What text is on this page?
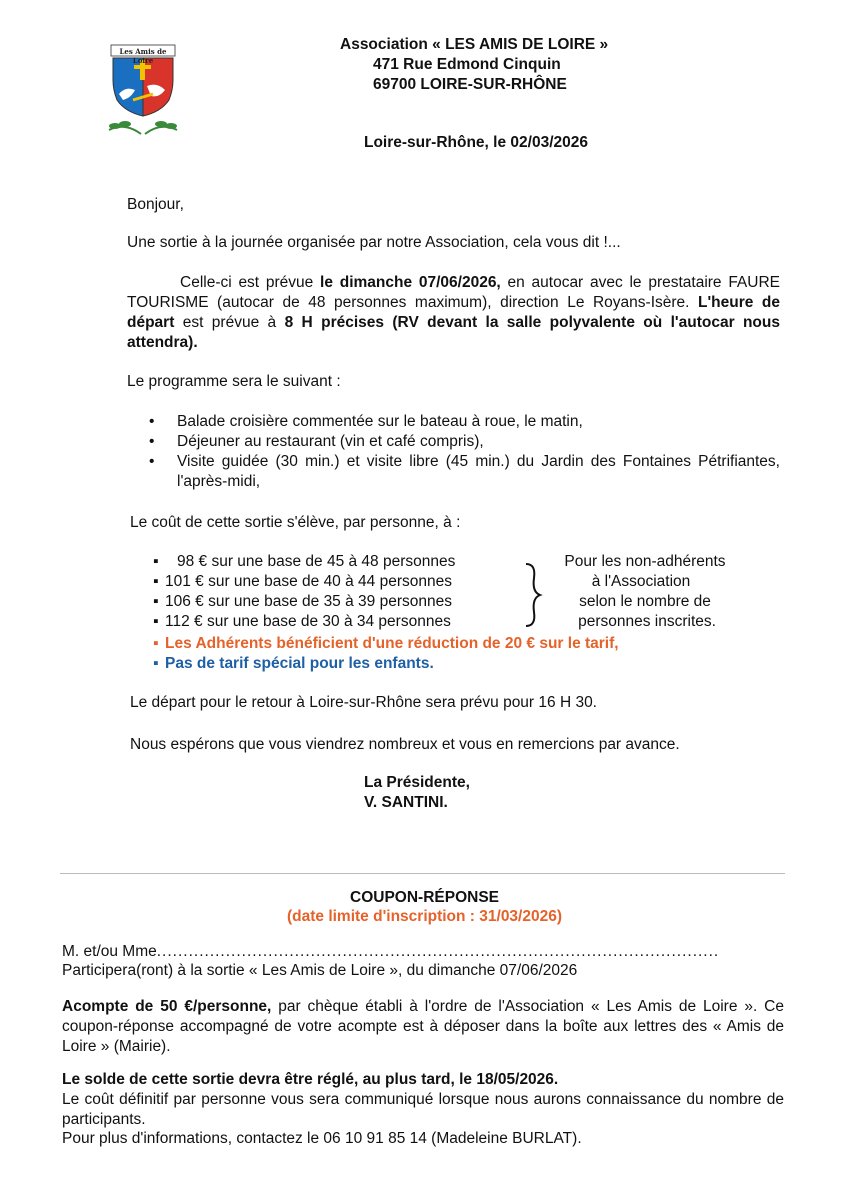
Les Amis de Loire
Association « LES AMIS DE LOIRE »
471 Rue Edmond Cinquin
69700 LOIRE-SUR-RHÔNE
Loire-sur-Rhône, le 02/03/2026
Bonjour,
Une sortie à la journée organisée par notre Association, cela vous dit !...
Celle-ci est prévue le dimanche 07/06/2026, en autocar avec le prestataire FAURE TOURISME (autocar de 48 personnes maximum), direction Le Royans-Isère. L'heure de départ est prévue à 8 H précises (RV devant la salle polyvalente où l'autocar nous attendra).
Le programme sera le suivant :
• Balade croisière commentée sur le bateau à roue, le matin,
• Déjeuner au restaurant (vin et café compris),
• Visite guidée (30 min.) et visite libre (45 min.) du Jardin des Fontaines Pétrifiantes, l'après-midi,
Le coût de cette sortie s'élève, par personne, à :
▪ 98 € sur une base de 45 à 48 personnes
▪ 101 € sur une base de 40 à 44 personnes
▪ 106 € sur une base de 35 à 39 personnes
▪ 112 € sur une base de 30 à 34 personnes
Pour les non-adhérents
à l'Association
selon le nombre de
personnes inscrites.
▪ Les Adhérents bénéficient d'une réduction de 20 € sur le tarif,
▪ Pas de tarif spécial pour les enfants.
Le départ pour le retour à Loire-sur-Rhône sera prévu pour 16 H 30.
Nous espérons que vous viendrez nombreux et vous en remercions par avance.
La Présidente,
V. SANTINI.
COUPON-RÉPONSE
(date limite d'inscription : 31/03/2026)
M. et/ou Mme..........................................................................................................
Participera(ront) à la sortie « Les Amis de Loire », du dimanche 07/06/2026
Acompte de 50 €/personne, par chèque établi à l'ordre de l'Association « Les Amis de Loire ». Ce coupon-réponse accompagné de votre acompte est à déposer dans la boîte aux lettres des « Amis de Loire » (Mairie).
Le solde de cette sortie devra être réglé, au plus tard, le 18/05/2026.
Le coût définitif par personne vous sera communiqué lorsque nous aurons connaissance du nombre de participants.
Pour plus d'informations, contactez le 06 10 91 85 14 (Madeleine BURLAT).
